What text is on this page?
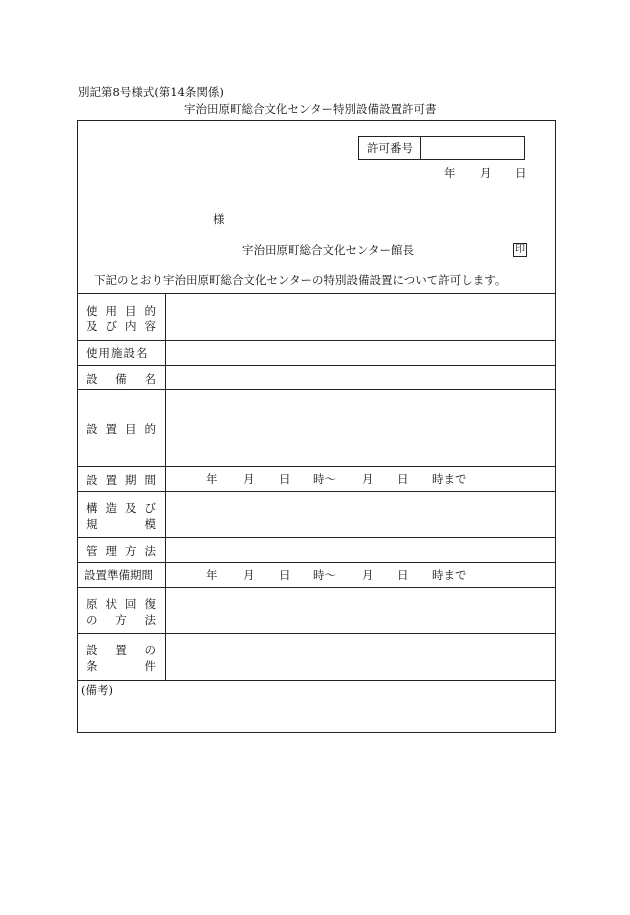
別記第8号様式(第14条関係)
宇治田原町総合文化センター特別設備設置許可書
許可番号
年 月 日
様
宇治田原町総合文化センター館長	印
下記のとおり宇治田原町総合文化センターの特別設備設置について許可します。
使 用 目 的
及 び 内 容
使用施設名
設 備 名
設 置 目 的
設 置 期 間	年 月 日 時～ 月 日 時まで
構 造 及 び
規	模
管 理 方 法
設置準備期間	年 月 日 時～ 月 日 時まで
原 状 回 復
の 方 法
設 置 の
条	件
(備考)
